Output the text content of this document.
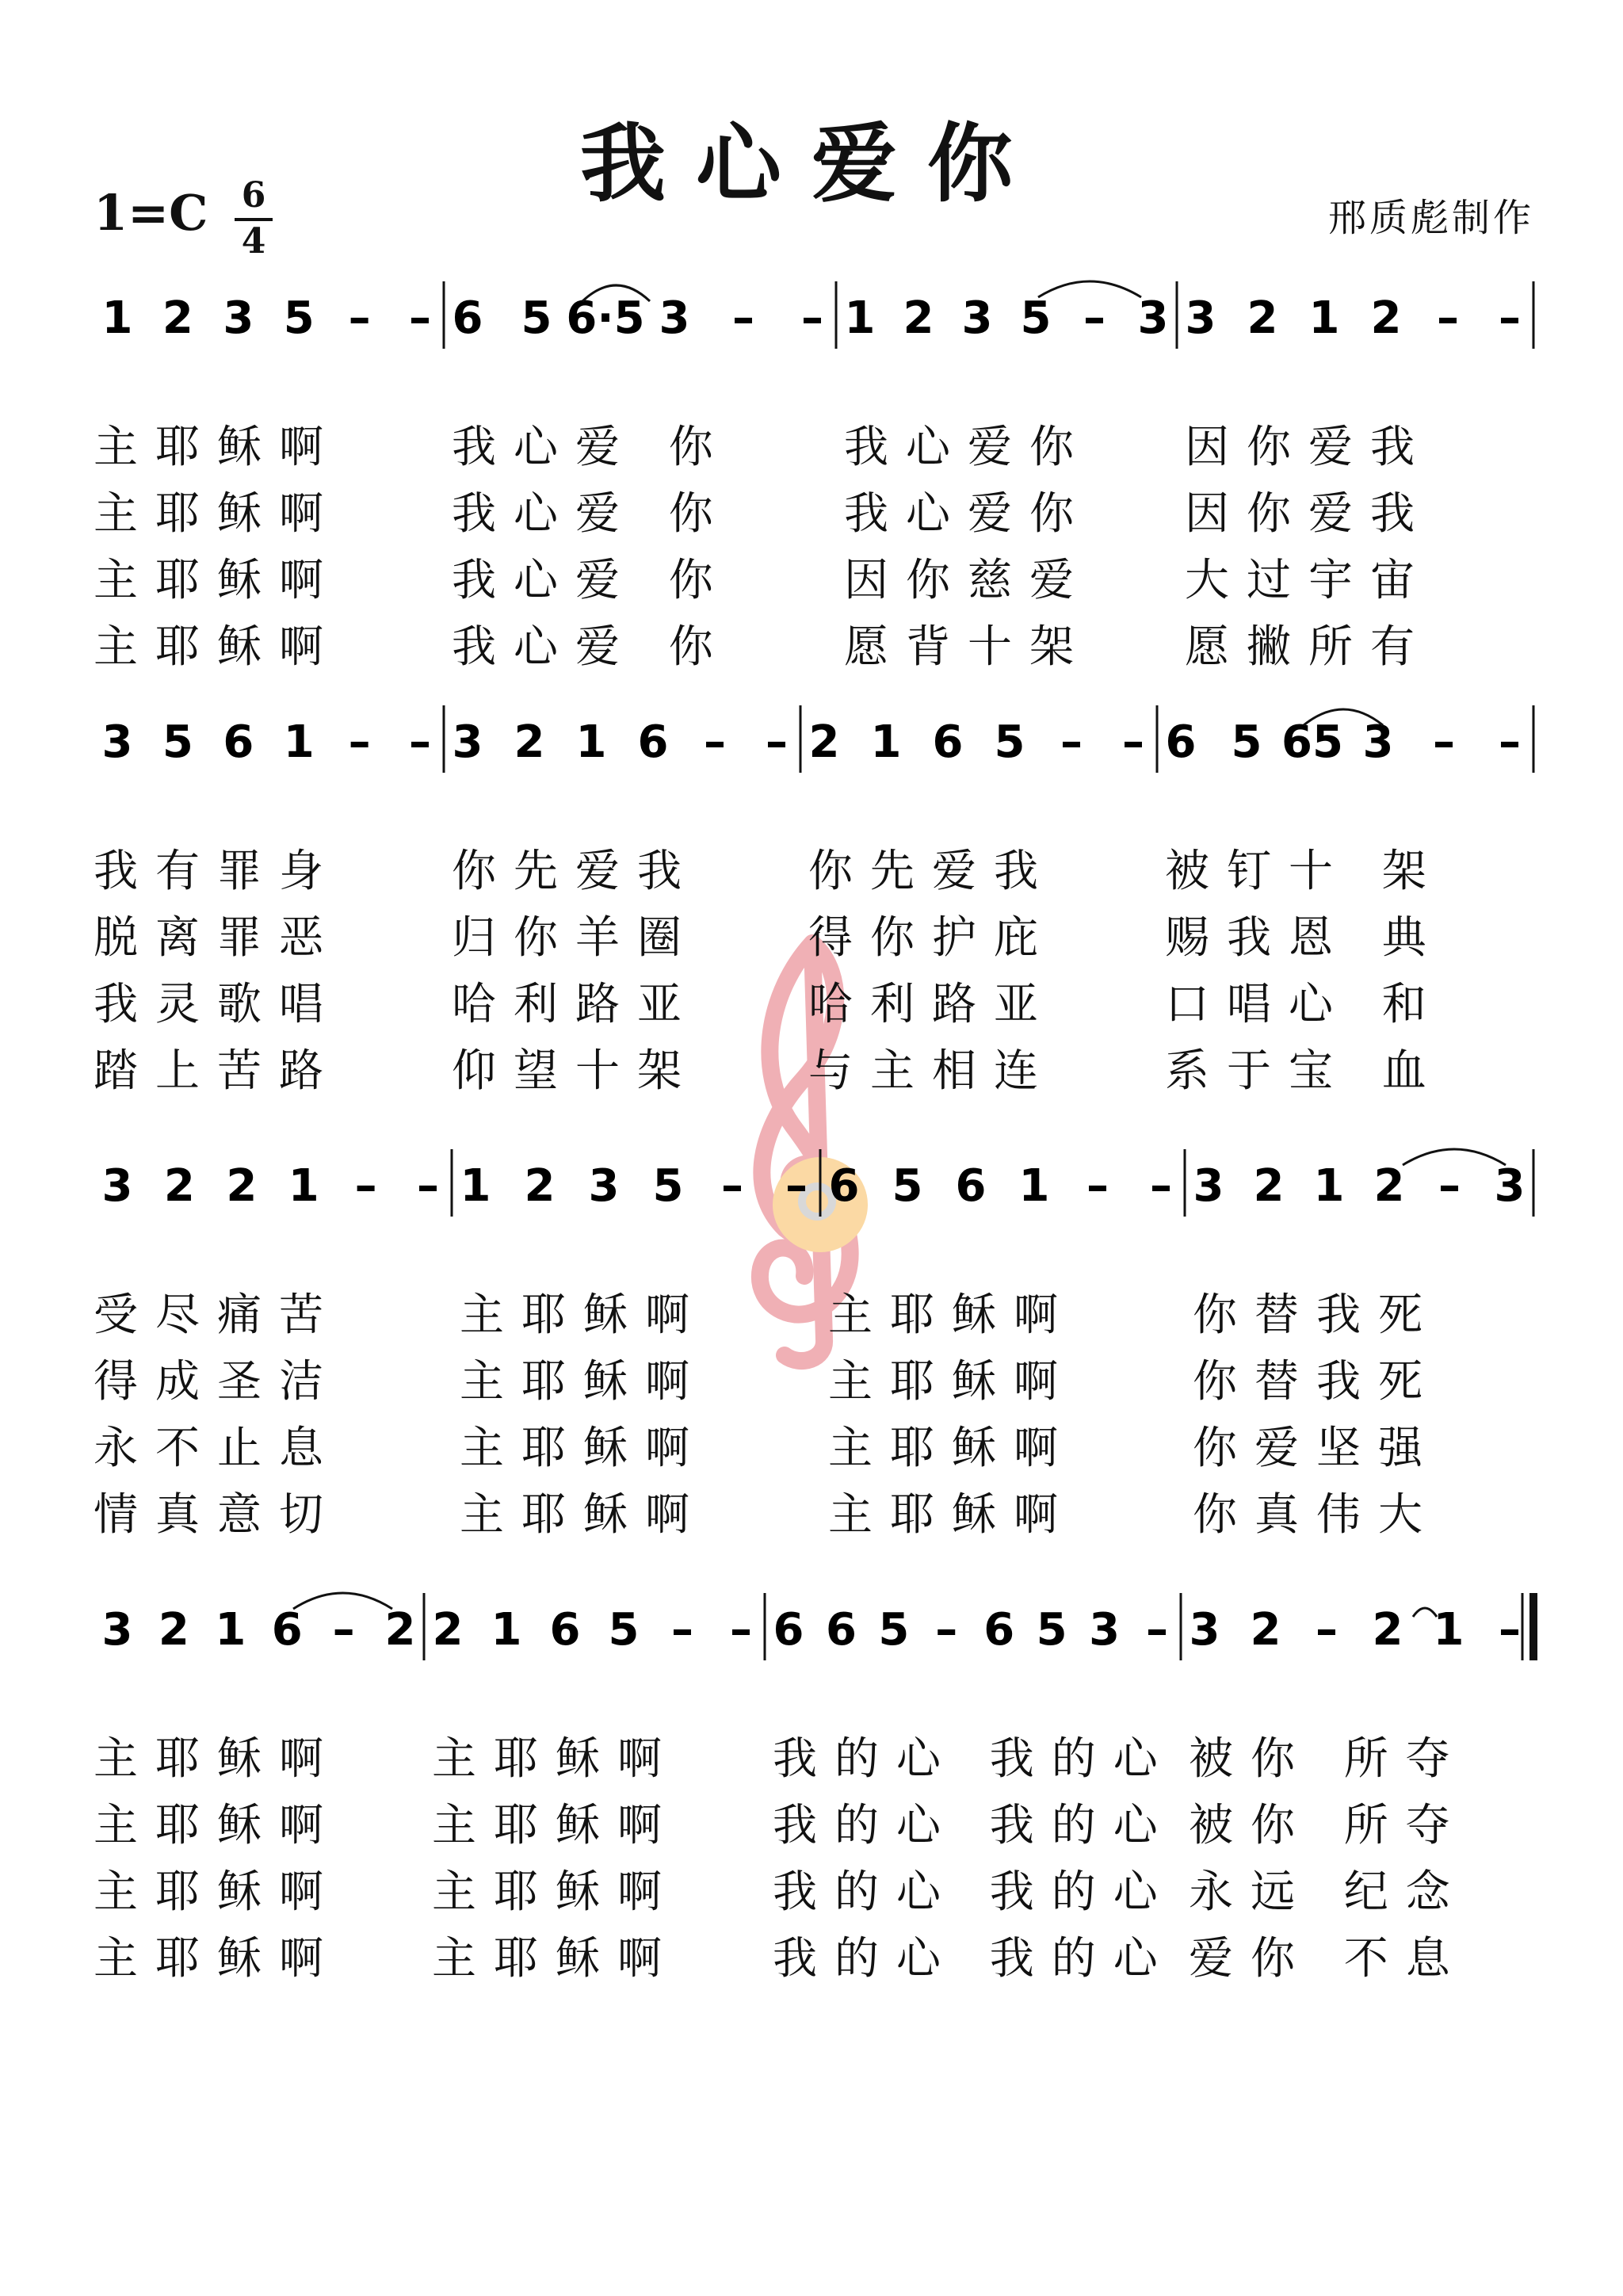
我心爱你
1=C 6
4
邢质彪制作
1 2 3 5 – – 6 5 6·5 3 – – 1 2 3 5 – 3 3 2 1 2 – –
3 5 6 1 – – 3 2 1 6 – – 2 1 6 5 – – 6 5 65 3 – –
3 2 2 1 – – 1 2 3 5 – – 6 5 6 1 – – 3 2 1 2 – 3
3 2 1 6 – 2 2 1 6 5 – – 6 6 5 – 6 5 3 – 3 2 – 2 1 –
主耶稣啊	我心爱 你	我心爱你 因你爱我
主耶稣啊	我心爱 你	我心爱你 因你爱我
主耶稣啊	我心爱 你	因你慈爱 大过宇宙
主耶稣啊	我心爱 你	愿背十架 愿撇所有
我有罪身	你先爱我 你先爱我 被钉十 架
脱离罪恶	归你羊圈 得你护庇 赐我恩 典
我灵歌唱	哈利路亚 哈利路亚 口唱心 和
踏上苦路	仰望十架 与主相连 系于宝 血
受尽痛苦	主耶稣啊	主耶稣啊	你替我死
得成圣洁	主耶稣啊	主耶稣啊	你替我死
永不止息	主耶稣啊	主耶稣啊	你爱坚强
情真意切	主耶稣啊	主耶稣啊	你真伟大
主耶稣啊 主耶稣啊 我的心 我的心 被你 所夺
主耶稣啊 主耶稣啊 我的心 我的心 被你 所夺
主耶稣啊 主耶稣啊 我的心 我的心 永远 纪念
主耶稣啊 主耶稣啊 我的心 我的心 爱你 不息
